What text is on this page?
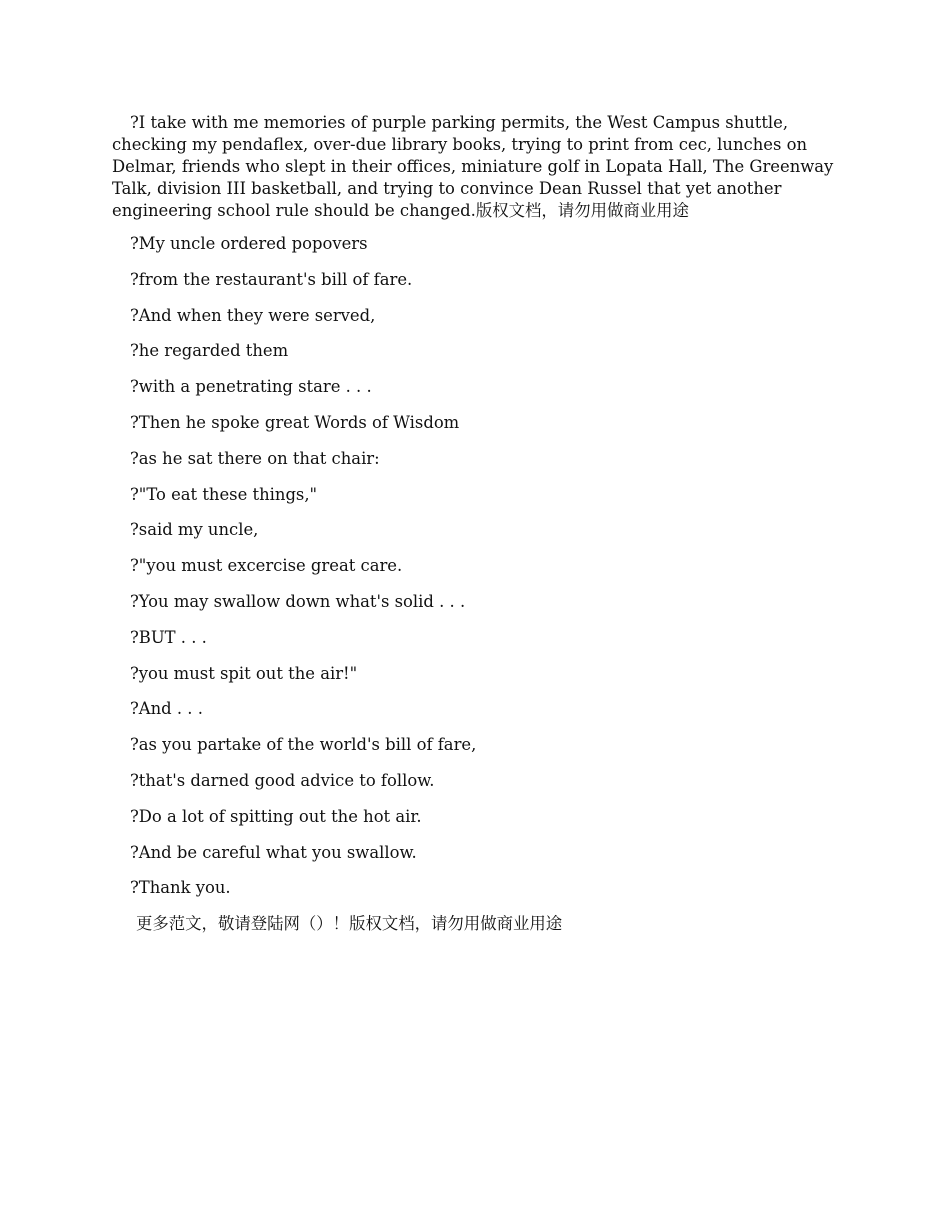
?I take with me memories of purple parking permits, the West Campus shuttle, checking my pendaflex, over-due library books, trying to print from cec, lunches on Delmar, friends who slept in their offices, miniature golf in Lopata Hall, The Greenway Talk, division III basketball, and trying to convince Dean Russel that yet another engineering school rule should be changed.版权文档，请勿用做商业用途

?My uncle ordered popovers

?from the restaurant's bill of fare.

?And when they were served,

?he regarded them

?with a penetrating stare . . .

?Then he spoke great Words of Wisdom

?as he sat there on that chair:

?"To eat these things,"

?said my uncle,

?"you must excercise great care.

?You may swallow down what's solid . . .

?BUT . . .

?you must spit out the air!"

?And . . .

?as you partake of the world's bill of fare,

?that's darned good advice to follow.

?Do a lot of spitting out the hot air.

?And be careful what you swallow.

?Thank you.

更多范文，敬请登陆网（）！版权文档，请勿用做商业用途
